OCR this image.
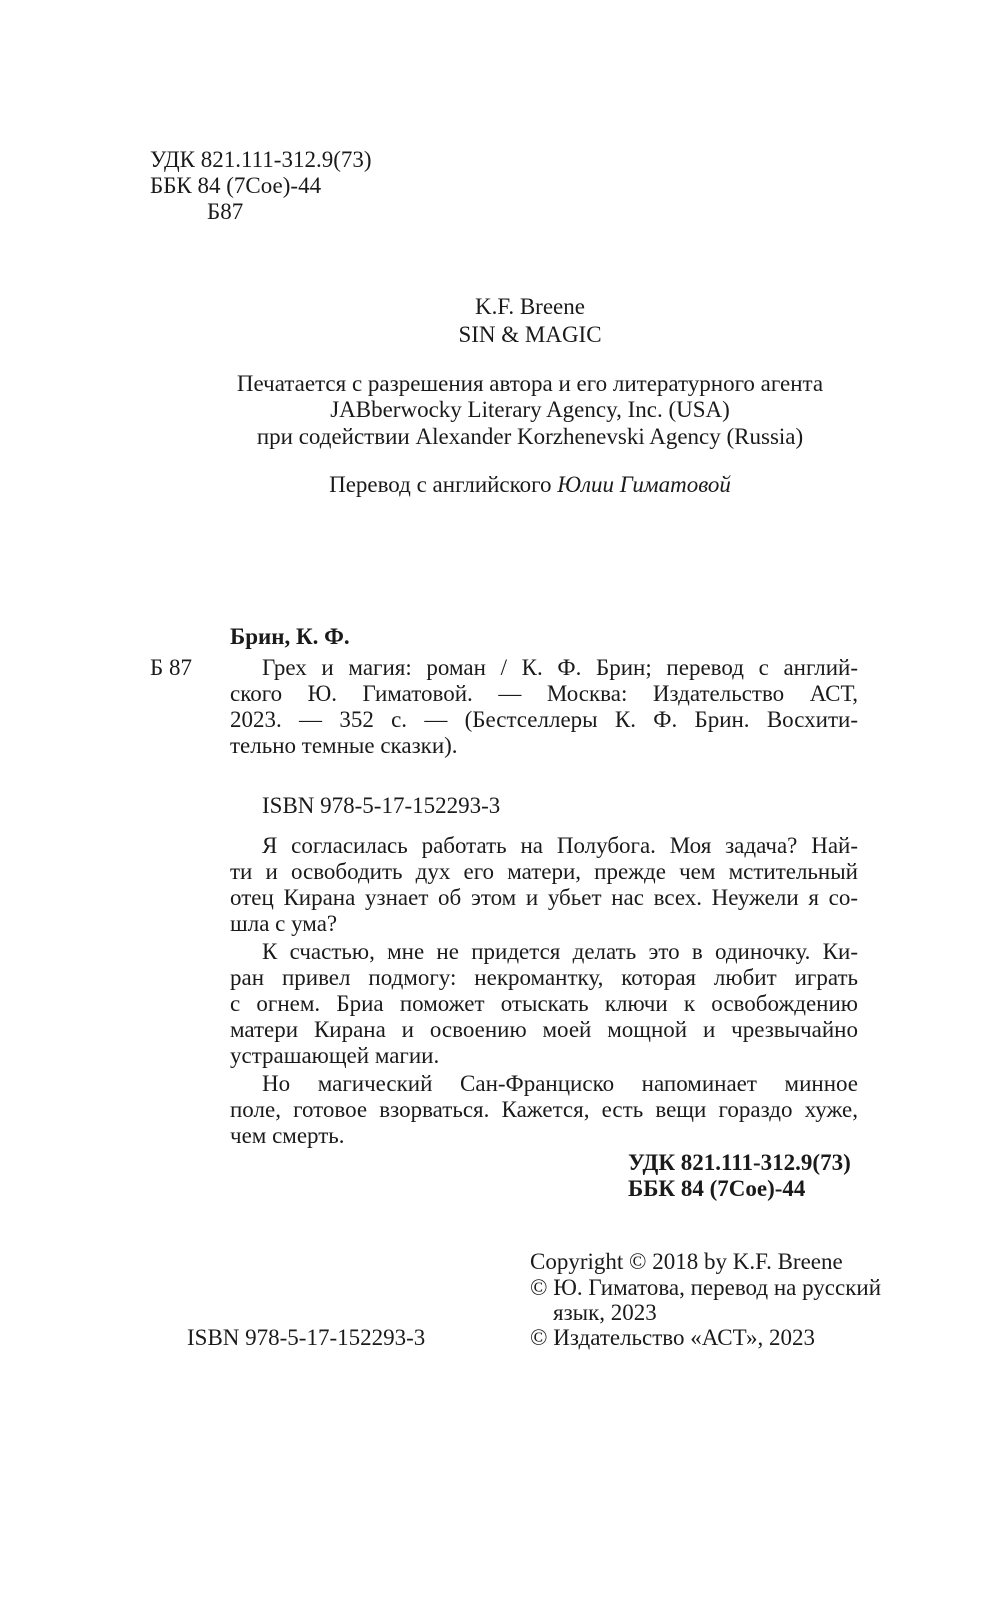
УДК 821.111-312.9(73)
ББК 84 (7Сое)-44
Б87
K.F. Breene
SIN & MAGIC
Печатается с разрешения автора и его литературного агента
JABberwocky Literary Agency, Inc. (USA)
при содействии Alexander Korzhenevski Agency (Russia)
Перевод с английского Юлии Гиматовой
Брин, К. Ф.
Б 87	Грех и магия: роман / К. Ф. Брин; перевод с англий-
ского Ю. Гиматовой. — Москва: Издательство АСТ,
2023. — 352 с. — (Бестселлеры К. Ф. Брин. Восхити-
тельно темные сказки).
ISBN 978-5-17-152293-3
Я согласилась работать на Полубога. Моя задача? Най-
ти и освободить дух его матери, прежде чем мстительный
отец Кирана узнает об этом и убьет нас всех. Неужели я со-
шла с ума?
К счастью, мне не придется делать это в одиночку. Ки-
ран привел подмогу: некромантку, которая любит играть
с огнем. Бриа поможет отыскать ключи к освобождению
матери Кирана и освоению моей мощной и чрезвычайно
устрашающей магии.
Но магический Сан-Франциско напоминает минное
поле, готовое взорваться. Кажется, есть вещи гораздо хуже,
чем смерть.
УДК 821.111-312.9(73)
ББК 84 (7Сое)-44
Copyright © 2018 by K.F. Breene
© Ю. Гиматова, перевод на русский
язык, 2023
© Издательство «АСТ», 2023
ISBN 978-5-17-152293-3
